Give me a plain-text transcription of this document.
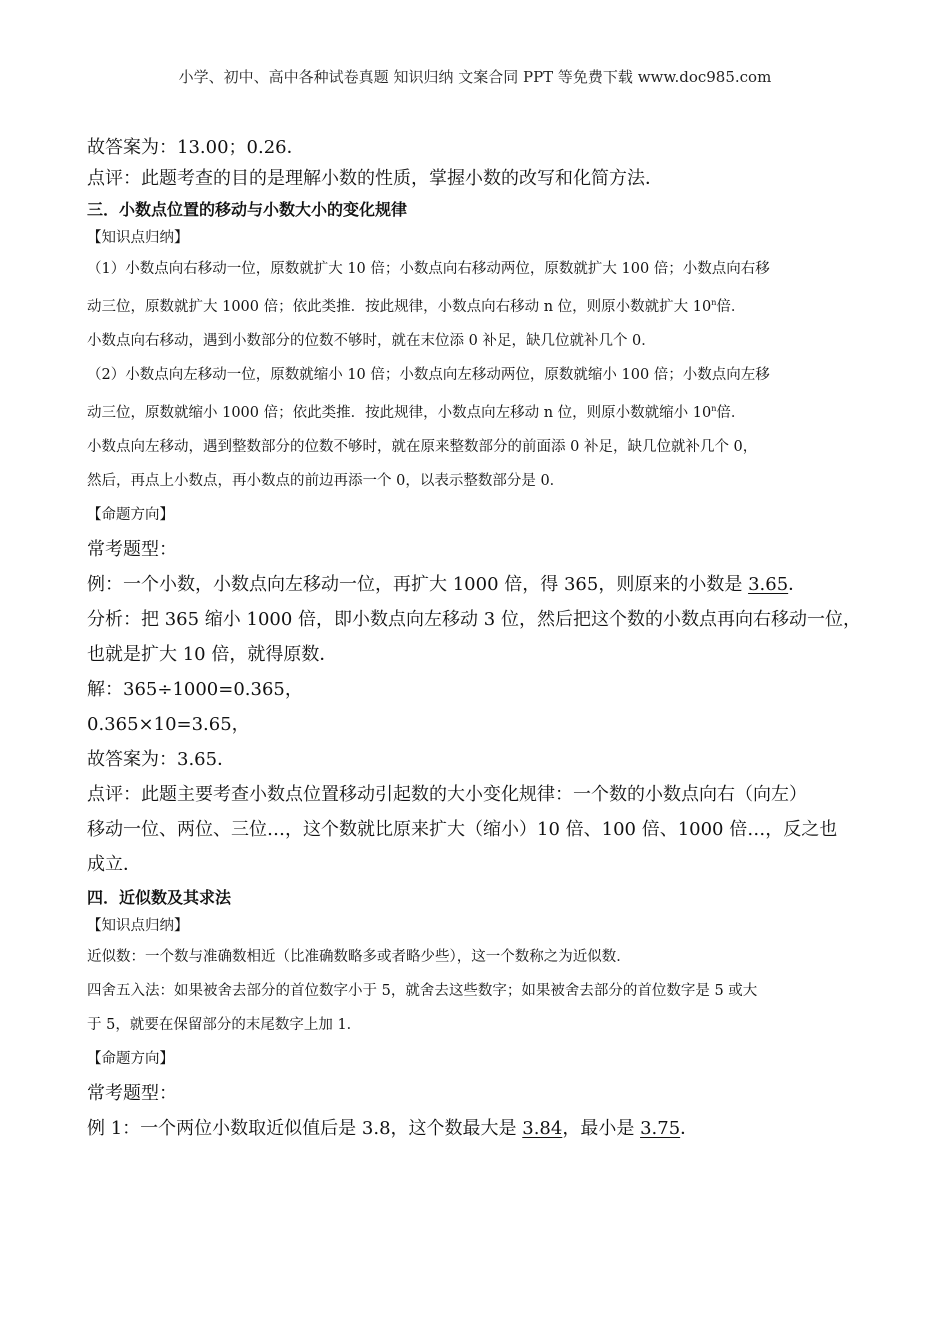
小学、初中、高中各种试卷真题 知识归纳 文案合同 PPT 等免费下载 www.doc985.com
故答案为：13.00；0.26．
点评：此题考查的目的是理解小数的性质，掌握小数的改写和化简方法．
三．小数点位置的移动与小数大小的变化规律
【知识点归纳】
（1）小数点向右移动一位，原数就扩大 10 倍；小数点向右移动两位，原数就扩大 100 倍；小数点向右移
动三位，原数就扩大 1000 倍；依此类推．按此规律，小数点向右移动 n 位，则原小数就扩大 10$^n$倍．
小数点向右移动，遇到小数部分的位数不够时，就在末位添 0 补足，缺几位就补几个 0．
（2）小数点向左移动一位，原数就缩小 10 倍；小数点向左移动两位，原数就缩小 100 倍；小数点向左移
动三位，原数就缩小 1000 倍；依此类推．按此规律，小数点向左移动 n 位，则原小数就缩小 10$^n$倍．
小数点向左移动，遇到整数部分的位数不够时，就在原来整数部分的前面添 0 补足，缺几位就补几个 0，
然后，再点上小数点，再小数点的前边再添一个 0，以表示整数部分是 0．
【命题方向】
常考题型：
例：一个小数，小数点向左移动一位，再扩大 1000 倍，得 365，则原来的小数是 3.65．
分析：把 365 缩小 1000 倍，即小数点向左移动 3 位，然后把这个数的小数点再向右移动一位，
也就是扩大 10 倍，就得原数．
解：365÷1000=0.365，
0.365×10=3.65，
故答案为：3.65．
点评：此题主要考查小数点位置移动引起数的大小变化规律：一个数的小数点向右（向左）
移动一位、两位、三位…，这个数就比原来扩大（缩小）10 倍、100 倍、1000 倍…，反之也
成立．
四．近似数及其求法
【知识点归纳】
近似数：一个数与准确数相近（比准确数略多或者略少些），这一个数称之为近似数．
四舍五入法：如果被舍去部分的首位数字小于 5，就舍去这些数字；如果被舍去部分的首位数字是 5 或大
于 5，就要在保留部分的末尾数字上加 1．
【命题方向】
常考题型：
例 1：一个两位小数取近似值后是 3.8，这个数最大是 3.84，最小是 3.75．
